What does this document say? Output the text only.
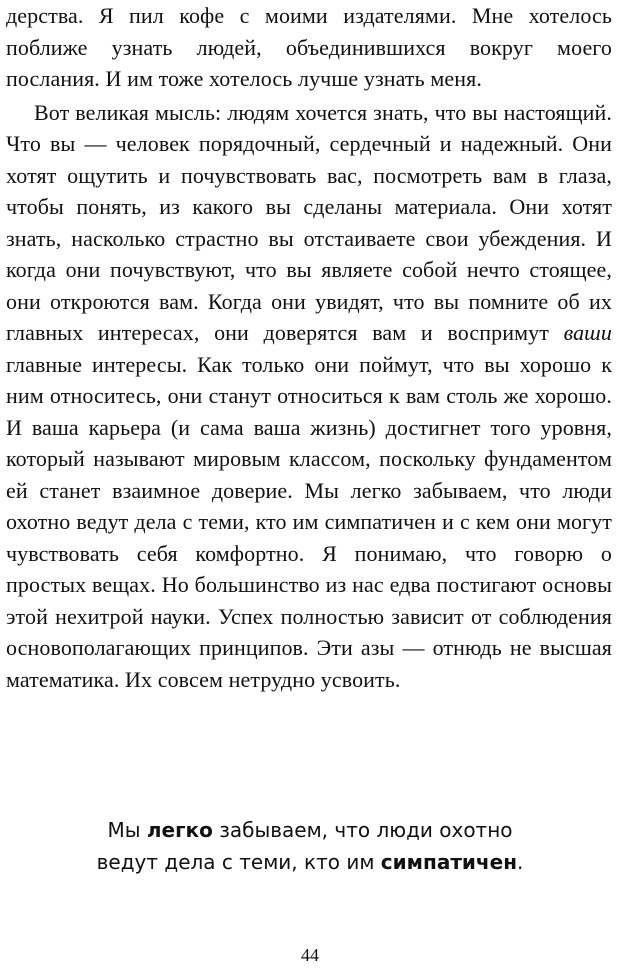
дерства. Я пил кофе с моими издателями. Мне хотелось поближе узнать людей, объединившихся вокруг моего послания. И им тоже хотелось лучше узнать меня.

Вот великая мысль: людям хочется знать, что вы настоящий. Что вы — человек порядочный, сердечный и надежный. Они хотят ощутить и почувствовать вас, посмотреть вам в глаза, чтобы понять, из какого вы сделаны материала. Они хотят знать, насколько страстно вы отстаиваете свои убеждения. И когда они почувствуют, что вы являете собой нечто стоящее, они откроются вам. Когда они увидят, что вы помните об их главных интересах, они доверятся вам и воспримут ваши главные интересы. Как только они поймут, что вы хорошо к ним относитесь, они станут относиться к вам столь же хорошо. И ваша карьера (и сама ваша жизнь) достигнет того уровня, который называют мировым классом, поскольку фундаментом ей станет взаимное доверие. Мы легко забываем, что люди охотно ведут дела с теми, кто им симпатичен и с кем они могут чувствовать себя комфортно. Я понимаю, что говорю о простых вещах. Но большинство из нас едва постигают основы этой нехитрой науки. Успех полностью зависит от соблюдения основополагающих принципов. Эти азы — отнюдь не высшая математика. Их совсем нетрудно усвоить.

Мы легко забываем, что люди охотно
ведут дела с теми, кто им симпатичен.
44
